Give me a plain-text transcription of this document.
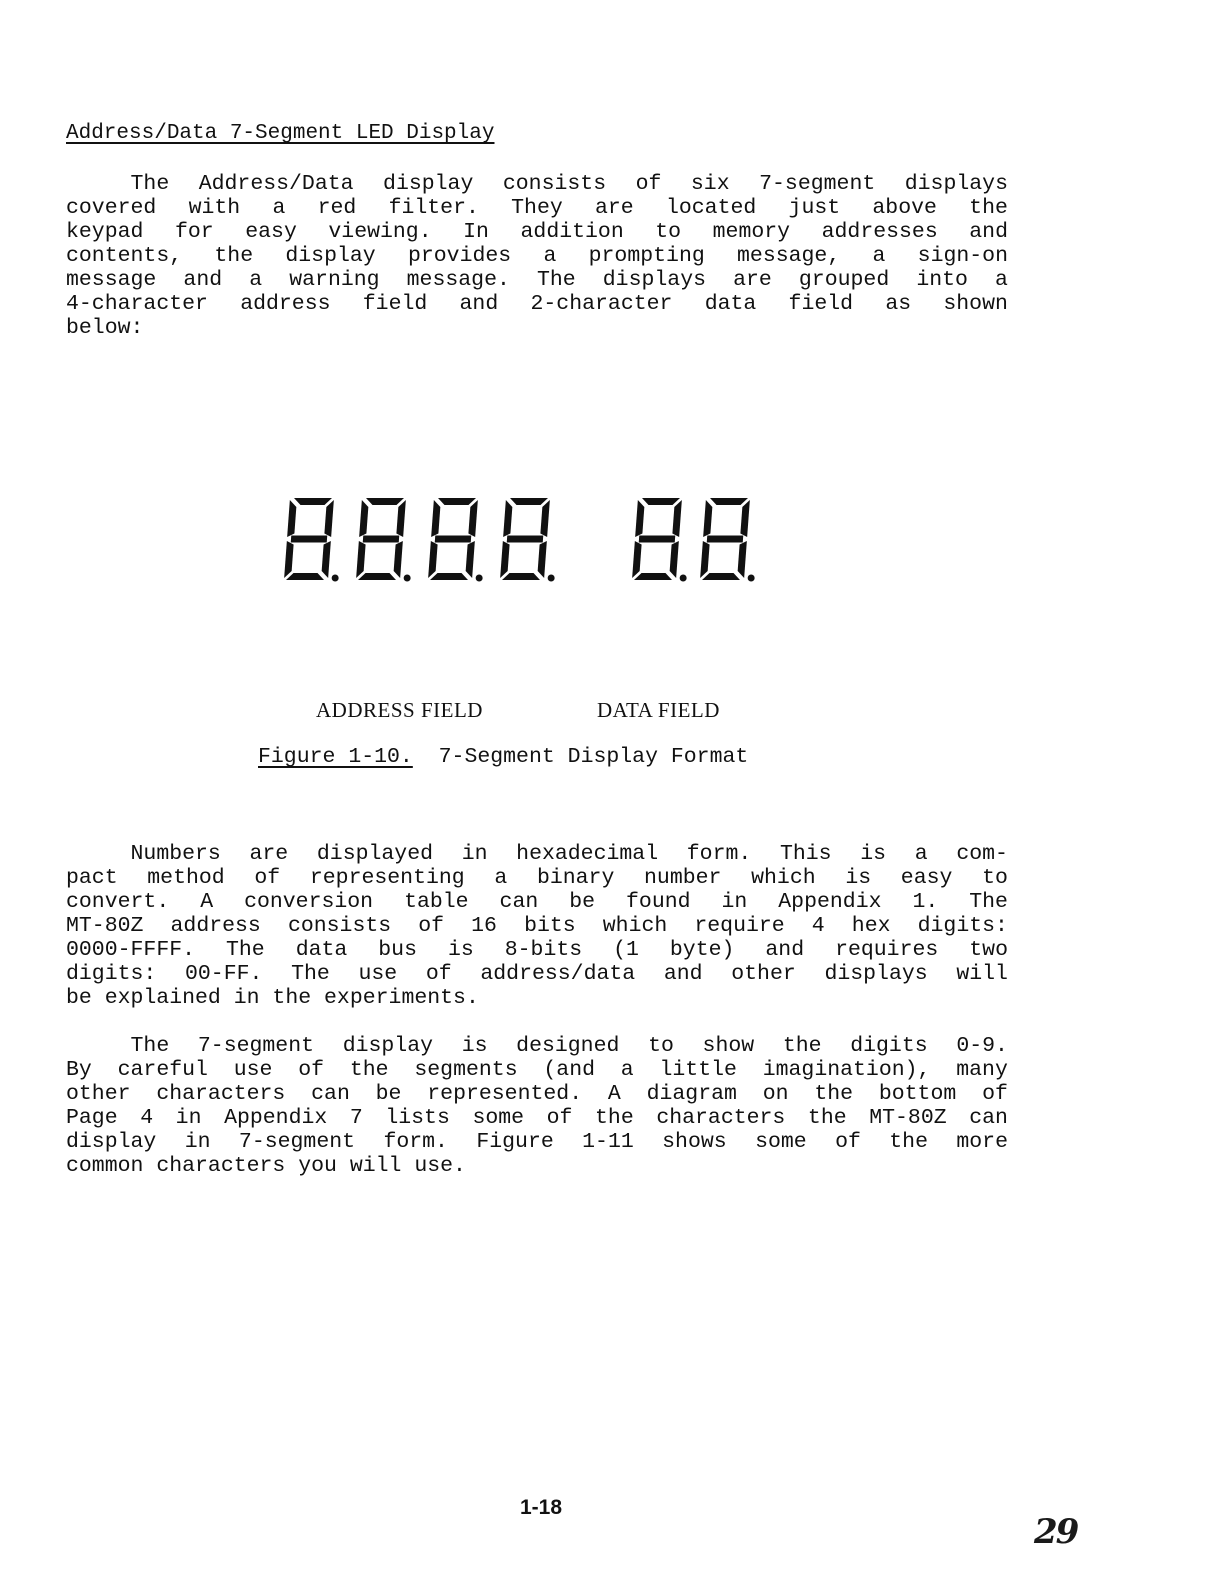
Address/Data 7-Segment LED Display
The Address/Data display consists of six 7-segment displays
covered with a red filter. They are located just above the
keypad for easy viewing. In addition to memory addresses and
contents, the display provides a prompting message, a sign-on
message and a warning message. The displays are grouped into a
4-character address field and 2-character data field as shown
below:
ADDRESS FIELD	DATA FIELD
Figure 1-10. 7-Segment Display Format
Numbers are displayed in hexadecimal form. This is a com-
pact method of representing a binary number which is easy to
convert. A conversion table can be found in Appendix 1. The
MT-80Z address consists of 16 bits which require 4 hex digits:
0000-FFFF. The data bus is 8-bits (1 byte) and requires two
digits: 00-FF. The use of address/data and other displays will
be explained in the experiments.
The 7-segment display is designed to show the digits 0-9.
By careful use of the segments (and a little imagination), many
other characters can be represented. A diagram on the bottom of
Page 4 in Appendix 7 lists some of the characters the MT-80Z can
display in 7-segment form. Figure 1-11 shows some of the more
common characters you will use.
1-18
29
